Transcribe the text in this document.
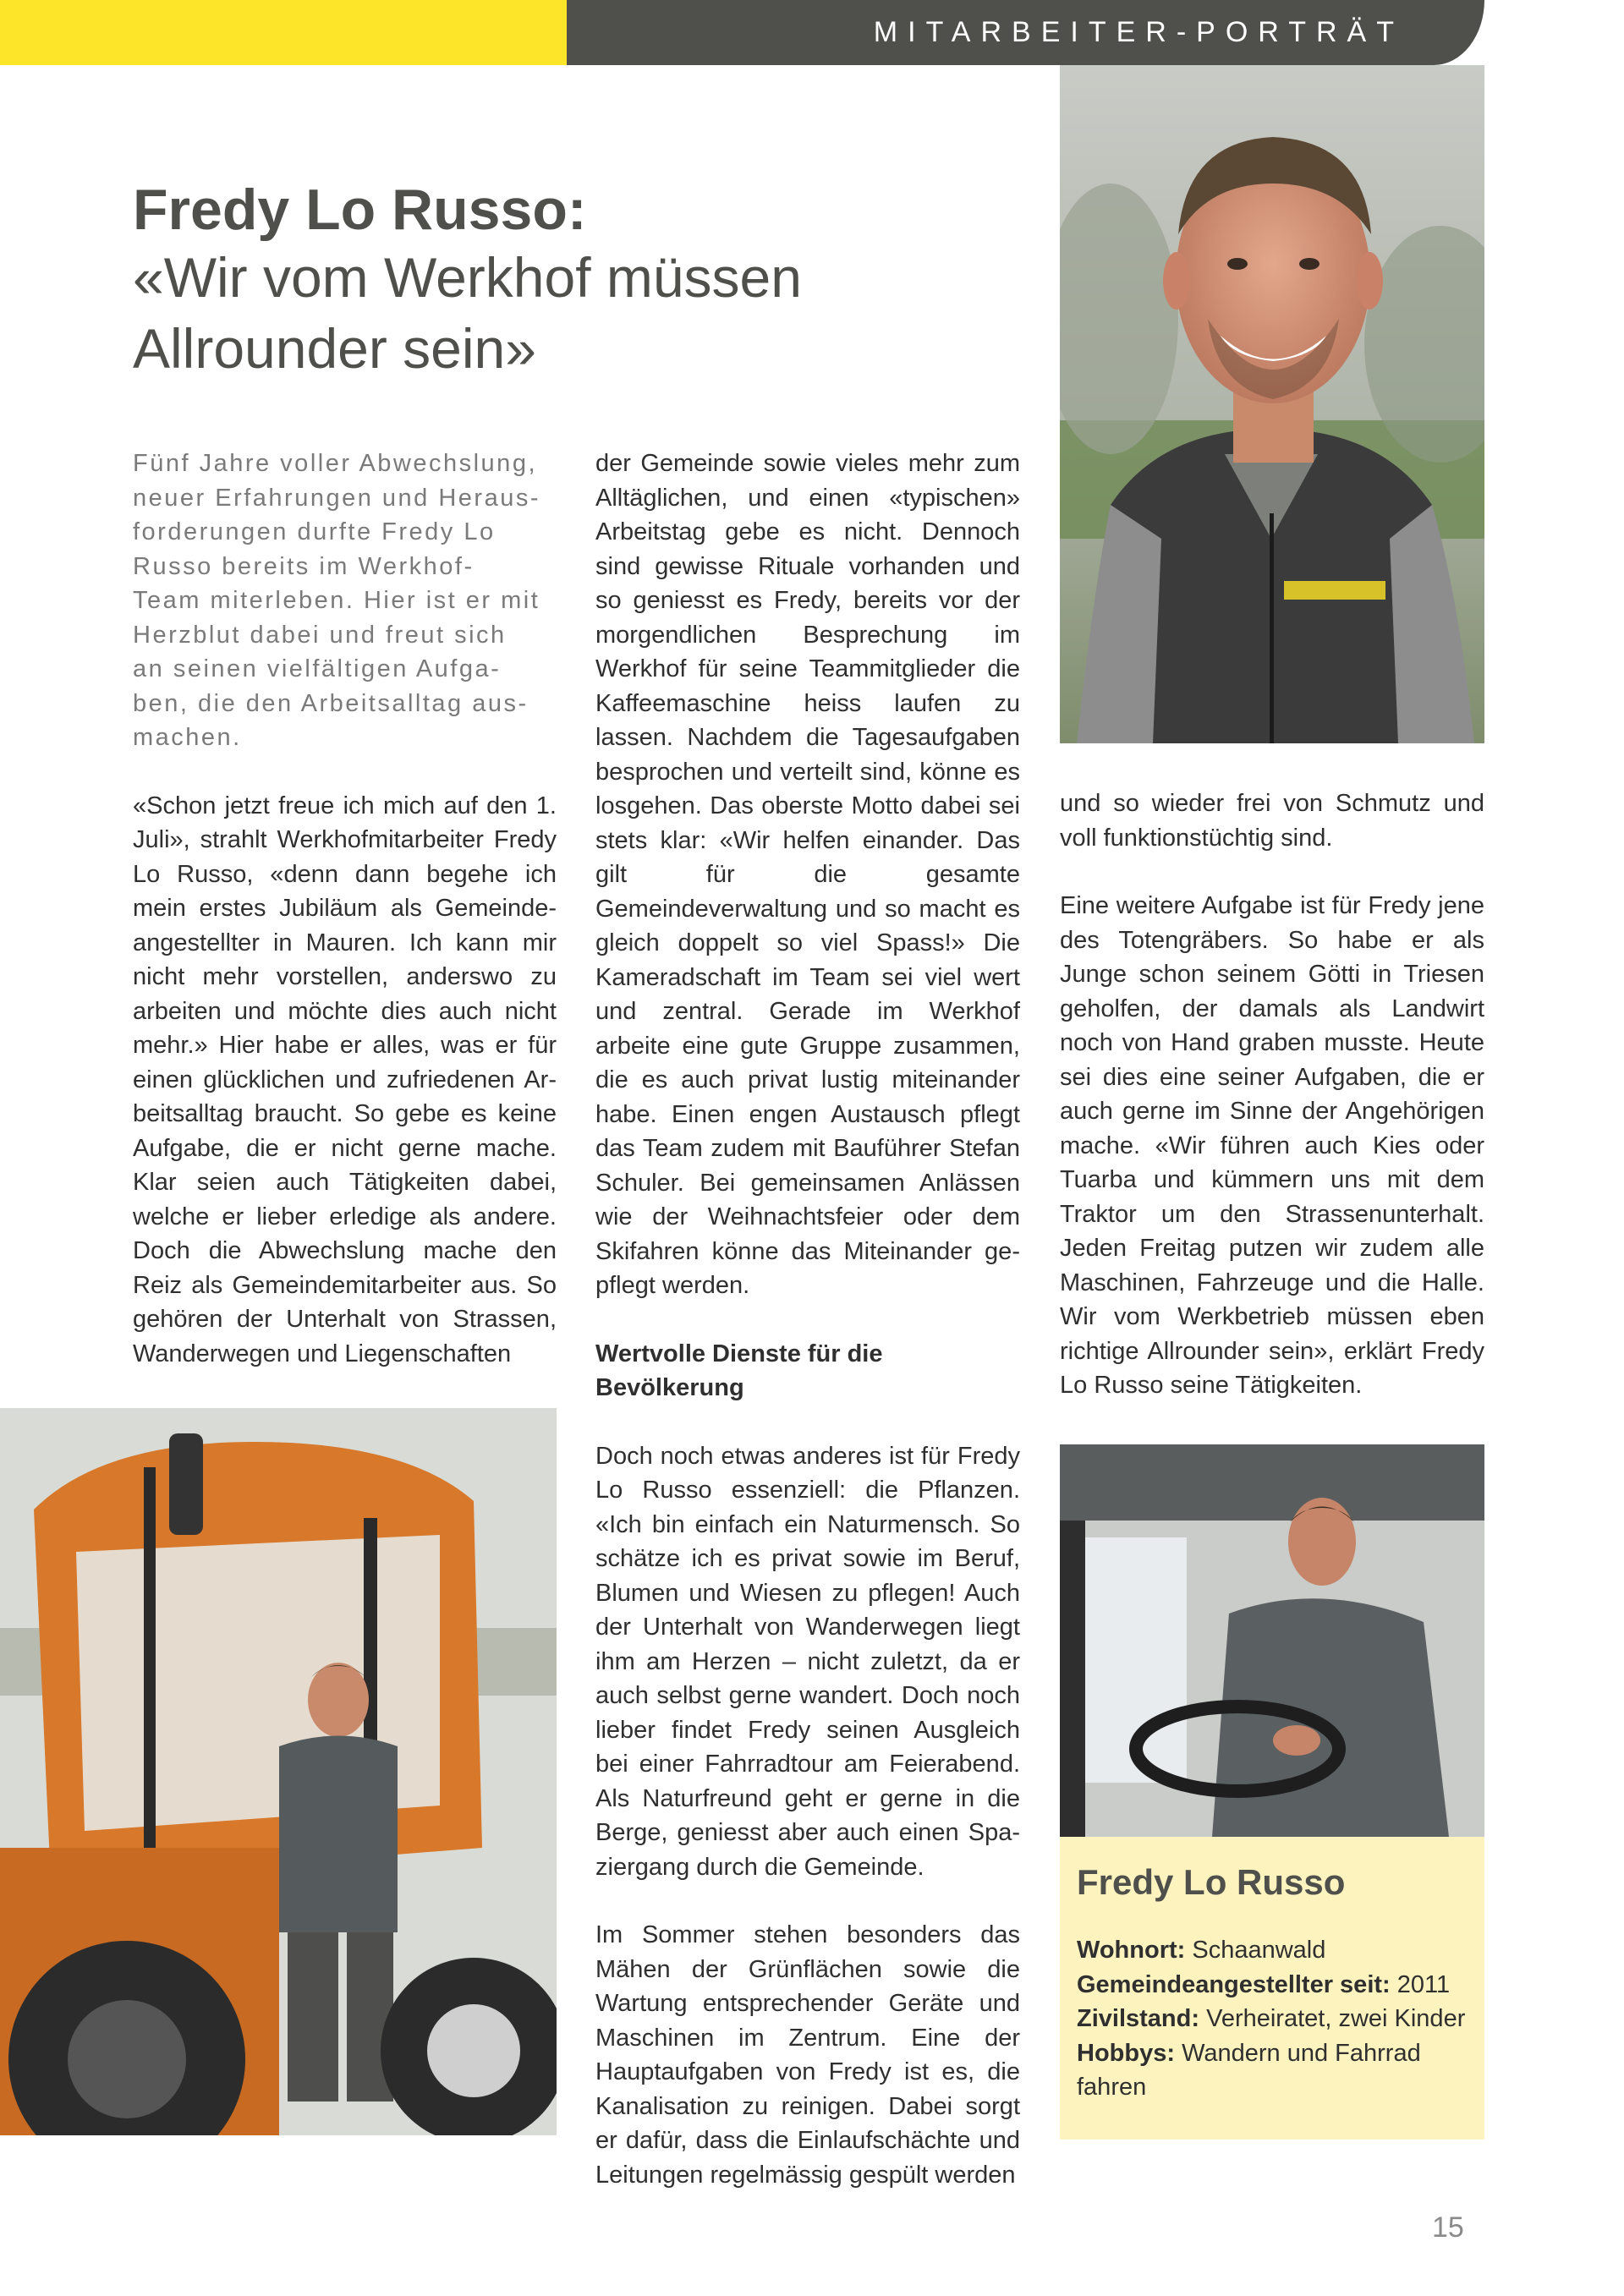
MITARBEITER-PORTRÄT
Fredy Lo Russo:
«Wir vom Werkhof müssen
Allrounder sein»

Fünf Jahre voller Abwechslung,
neuer Erfahrungen und Heraus-
forderungen durfte Fredy Lo
Russo bereits im Werkhof-
Team miterleben. Hier ist er mit
Herzblut dabei und freut sich
an seinen vielfältigen Aufga-
ben, die den Arbeitsalltag aus-
machen.

«Schon jetzt freue ich mich auf den 1. Juli», strahlt Werkhofmitarbeiter Fredy Lo Russo, «denn dann begehe ich mein erstes Jubiläum als Gemeindeangestellter in Mauren. Ich kann mir nicht mehr vorstellen, anderswo zu arbeiten und möchte dies auch nicht mehr.» Hier habe er alles, was er für einen glücklichen und zufriedenen Arbeitsalltag braucht. So gebe es keine Aufgabe, die er nicht gerne mache. Klar seien auch Tätigkeiten dabei, welche er lieber erledige als andere. Doch die Abwechslung mache den Reiz als Gemeindemitarbeiter aus. So gehören der Unterhalt von Strassen, Wanderwegen und Liegenschaften

der Gemeinde sowie vieles mehr zum Alltäglichen, und einen «typischen» Arbeitstag gebe es nicht. Dennoch sind gewisse Rituale vorhanden und so geniesst es Fredy, bereits vor der morgendlichen Besprechung im Werkhof für seine Teammitglieder die Kaffeemaschine heiss laufen zu lassen. Nachdem die Tagesaufgaben besprochen und verteilt sind, könne es losgehen. Das oberste Motto dabei sei stets klar: «Wir helfen einander. Das gilt für die gesamte Gemeindeverwaltung und so macht es gleich doppelt so viel Spass!» Die Kameradschaft im Team sei viel wert und zentral. Gerade im Werkhof arbeite eine gute Gruppe zusammen, die es auch privat lustig miteinander habe. Einen engen Austausch pflegt das Team zudem mit Bauführer Stefan Schuler. Bei gemeinsamen Anlässen wie der Weihnachtsfeier oder dem Skifahren könne das Miteinander gepflegt werden.

Wertvolle Dienste für die Bevölkerung

Doch noch etwas anderes ist für Fredy Lo Russo essenziell: die Pflanzen. «Ich bin einfach ein Naturmensch. So schätze ich es privat sowie im Beruf, Blumen und Wiesen zu pflegen! Auch der Unterhalt von Wanderwegen liegt ihm am Herzen – nicht zuletzt, da er auch selbst gerne wandert. Doch noch lieber findet Fredy seinen Ausgleich bei einer Fahrradtour am Feierabend. Als Naturfreund geht er gerne in die Berge, geniesst aber auch einen Spaziergang durch die Gemeinde.

Im Sommer stehen besonders das Mähen der Grünflächen sowie die Wartung entsprechender Geräte und Maschinen im Zentrum. Eine der Hauptaufgaben von Fredy ist es, die Kanalisation zu reinigen. Dabei sorgt er dafür, dass die Einlaufschächte und Leitungen regelmässig gespült werden

und so wieder frei von Schmutz und voll funktionstüchtig sind.

Eine weitere Aufgabe ist für Fredy jene des Totengräbers. So habe er als Junge schon seinem Götti in Triesen geholfen, der damals als Landwirt noch von Hand graben musste. Heute sei dies eine seiner Aufgaben, die er auch gerne im Sinne der Angehörigen mache. «Wir führen auch Kies oder Tuarba und kümmern uns mit dem Traktor um den Strassenunterhalt. Jeden Freitag putzen wir zudem alle Maschinen, Fahrzeuge und die Halle. Wir vom Werkbetrieb müssen eben richtige Allrounder sein», erklärt Fredy Lo Russo seine Tätigkeiten.

Fredy Lo Russo

Wohnort: Schaanwald
Gemeindeangestellter seit: 2011
Zivilstand: Verheiratet, zwei Kinder
Hobbys: Wandern und Fahrrad fahren
15
